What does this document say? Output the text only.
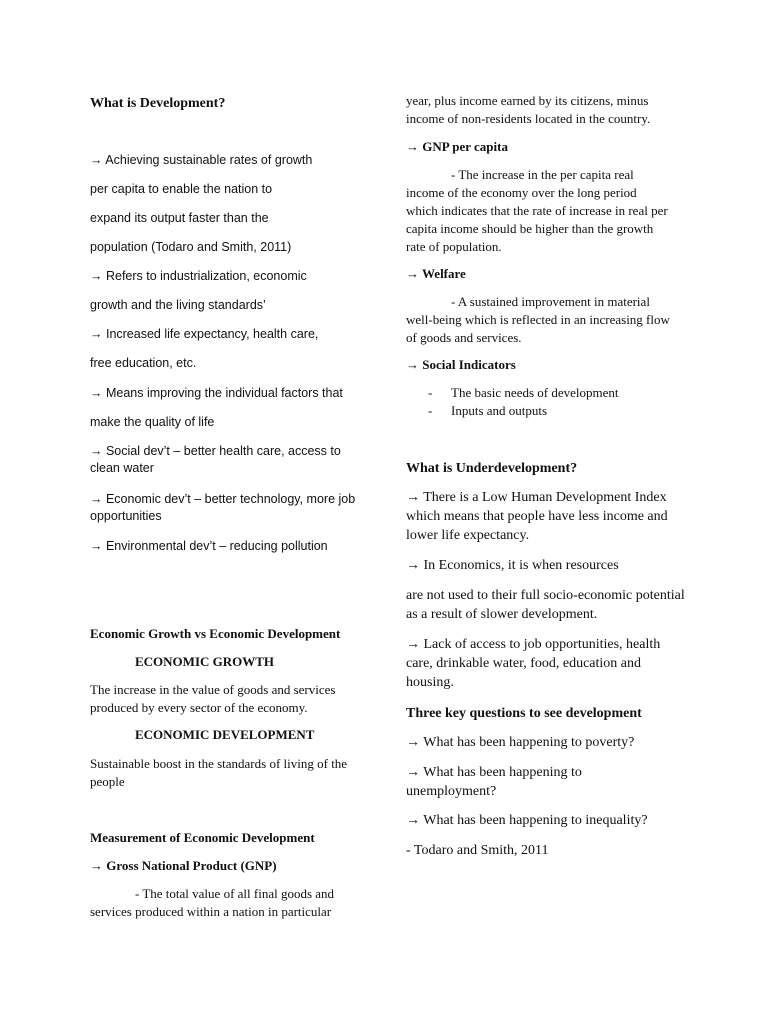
What is Development?
→ Achieving sustainable rates of growth
per capita to enable the nation to
expand its output faster than the
population (Todaro and Smith, 2011)
→ Refers to industrialization, economic
growth and the living standards’
→ Increased life expectancy, health care,
free education, etc.
→ Means improving the individual factors that
make the quality of life
→ Social dev’t – better health care, access to clean water
→ Economic dev’t – better technology, more job opportunities
→ Environmental dev’t – reducing pollution
Economic Growth vs Economic Development
ECONOMIC GROWTH
The increase in the value of goods and services produced by every sector of the economy.
ECONOMIC DEVELOPMENT
Sustainable boost in the standards of living of the people
Measurement of Economic Development
→ Gross National Product (GNP)
- The total value of all final goods and services produced within a nation in particular
year, plus income earned by its citizens, minus income of non-residents located in the country.
→ GNP per capita
- The increase in the per capita real income of the economy over the long period which indicates that the rate of increase in real per capita income should be higher than the growth rate of population.
→ Welfare
- A sustained improvement in material well-being which is reflected in an increasing flow of goods and services.
→ Social Indicators
- The basic needs of development
- Inputs and outputs
What is Underdevelopment?
→ There is a Low Human Development Index which means that people have less income and lower life expectancy.
→ In Economics, it is when resources
are not used to their full socio-economic potential as a result of slower development.
→ Lack of access to job opportunities, health care, drinkable water, food, education and housing.
Three key questions to see development
→ What has been happening to poverty?
→ What has been happening to unemployment?
→ What has been happening to inequality?
- Todaro and Smith, 2011
